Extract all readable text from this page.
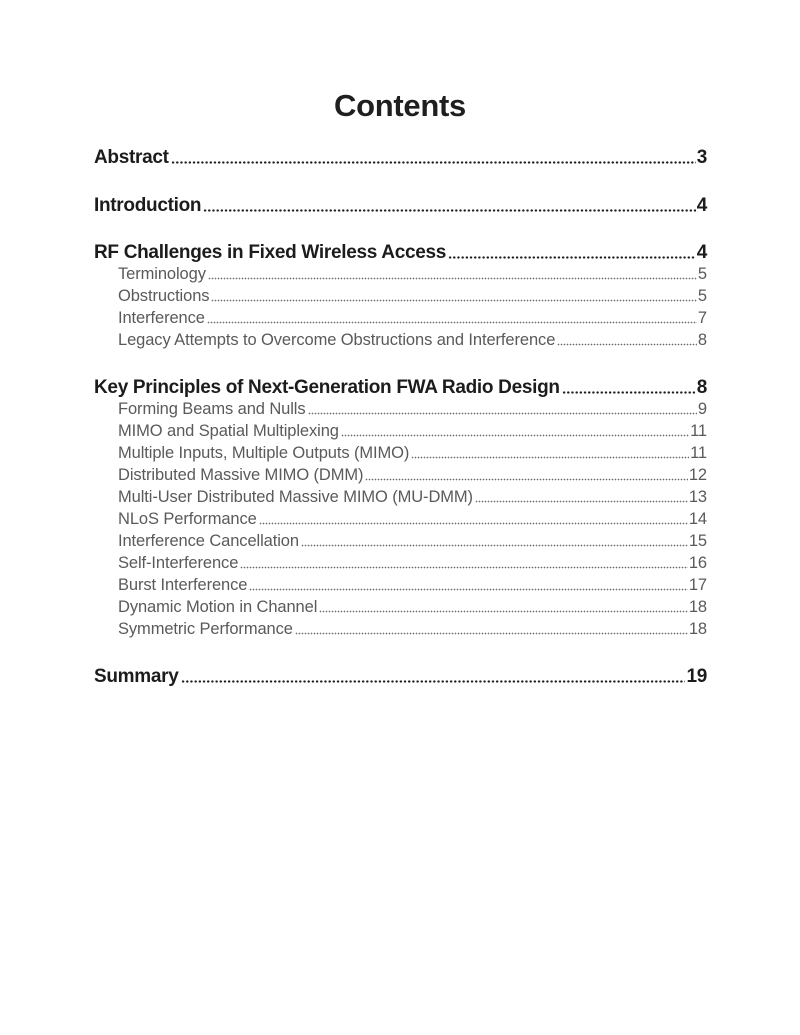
Contents
Abstract	3
Introduction	4
RF Challenges in Fixed Wireless Access	4
Terminology	5
Obstructions	5
Interference	7
Legacy Attempts to Overcome Obstructions and Interference	8
Key Principles of Next-Generation FWA Radio Design	8
Forming Beams and Nulls	9
MIMO and Spatial Multiplexing	11
Multiple Inputs, Multiple Outputs (MIMO)	11
Distributed Massive MIMO (DMM)	12
Multi-User Distributed Massive MIMO (MU-DMM)	13
NLoS Performance	14
Interference Cancellation	15
Self-Interference	16
Burst Interference	17
Dynamic Motion in Channel	18
Symmetric Performance	18
Summary	19
